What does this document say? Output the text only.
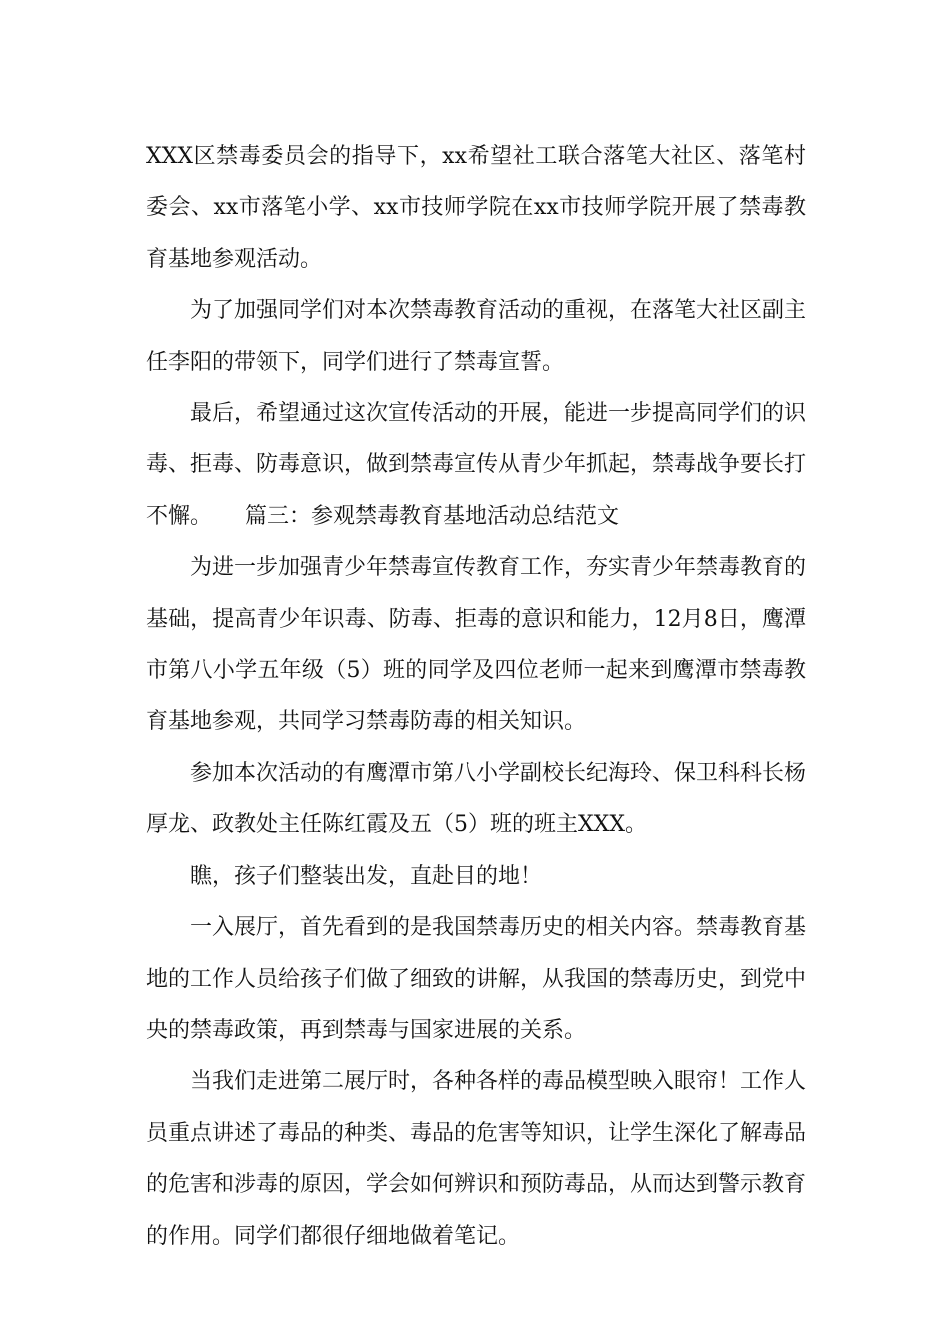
XXX区禁毒委员会的指导下，xx希望社工联合落笔大社区、落笔村委会、xx市落笔小学、xx市技师学院在xx市技师学院开展了禁毒教育基地参观活动。

为了加强同学们对本次禁毒教育活动的重视，在落笔大社区副主任李阳的带领下，同学们进行了禁毒宣誓。

最后，希望通过这次宣传活动的开展，能进一步提高同学们的识毒、拒毒、防毒意识，做到禁毒宣传从青少年抓起，禁毒战争要长打不懈。　　篇三：参观禁毒教育基地活动总结范文

为进一步加强青少年禁毒宣传教育工作，夯实青少年禁毒教育的基础，提高青少年识毒、防毒、拒毒的意识和能力，12月8日，鹰潭市第八小学五年级（5）班的同学及四位老师一起来到鹰潭市禁毒教育基地参观，共同学习禁毒防毒的相关知识。

参加本次活动的有鹰潭市第八小学副校长纪海玲、保卫科科长杨厚龙、政教处主任陈红霞及五（5）班的班主XXX。

瞧，孩子们整装出发，直赴目的地！

一入展厅，首先看到的是我国禁毒历史的相关内容。禁毒教育基地的工作人员给孩子们做了细致的讲解，从我国的禁毒历史，到党中央的禁毒政策，再到禁毒与国家进展的关系。

当我们走进第二展厅时，各种各样的毒品模型映入眼帘！工作人员重点讲述了毒品的种类、毒品的危害等知识，让学生深化了解毒品的危害和涉毒的原因，学会如何辨识和预防毒品，从而达到警示教育的作用。同学们都很仔细地做着笔记。
